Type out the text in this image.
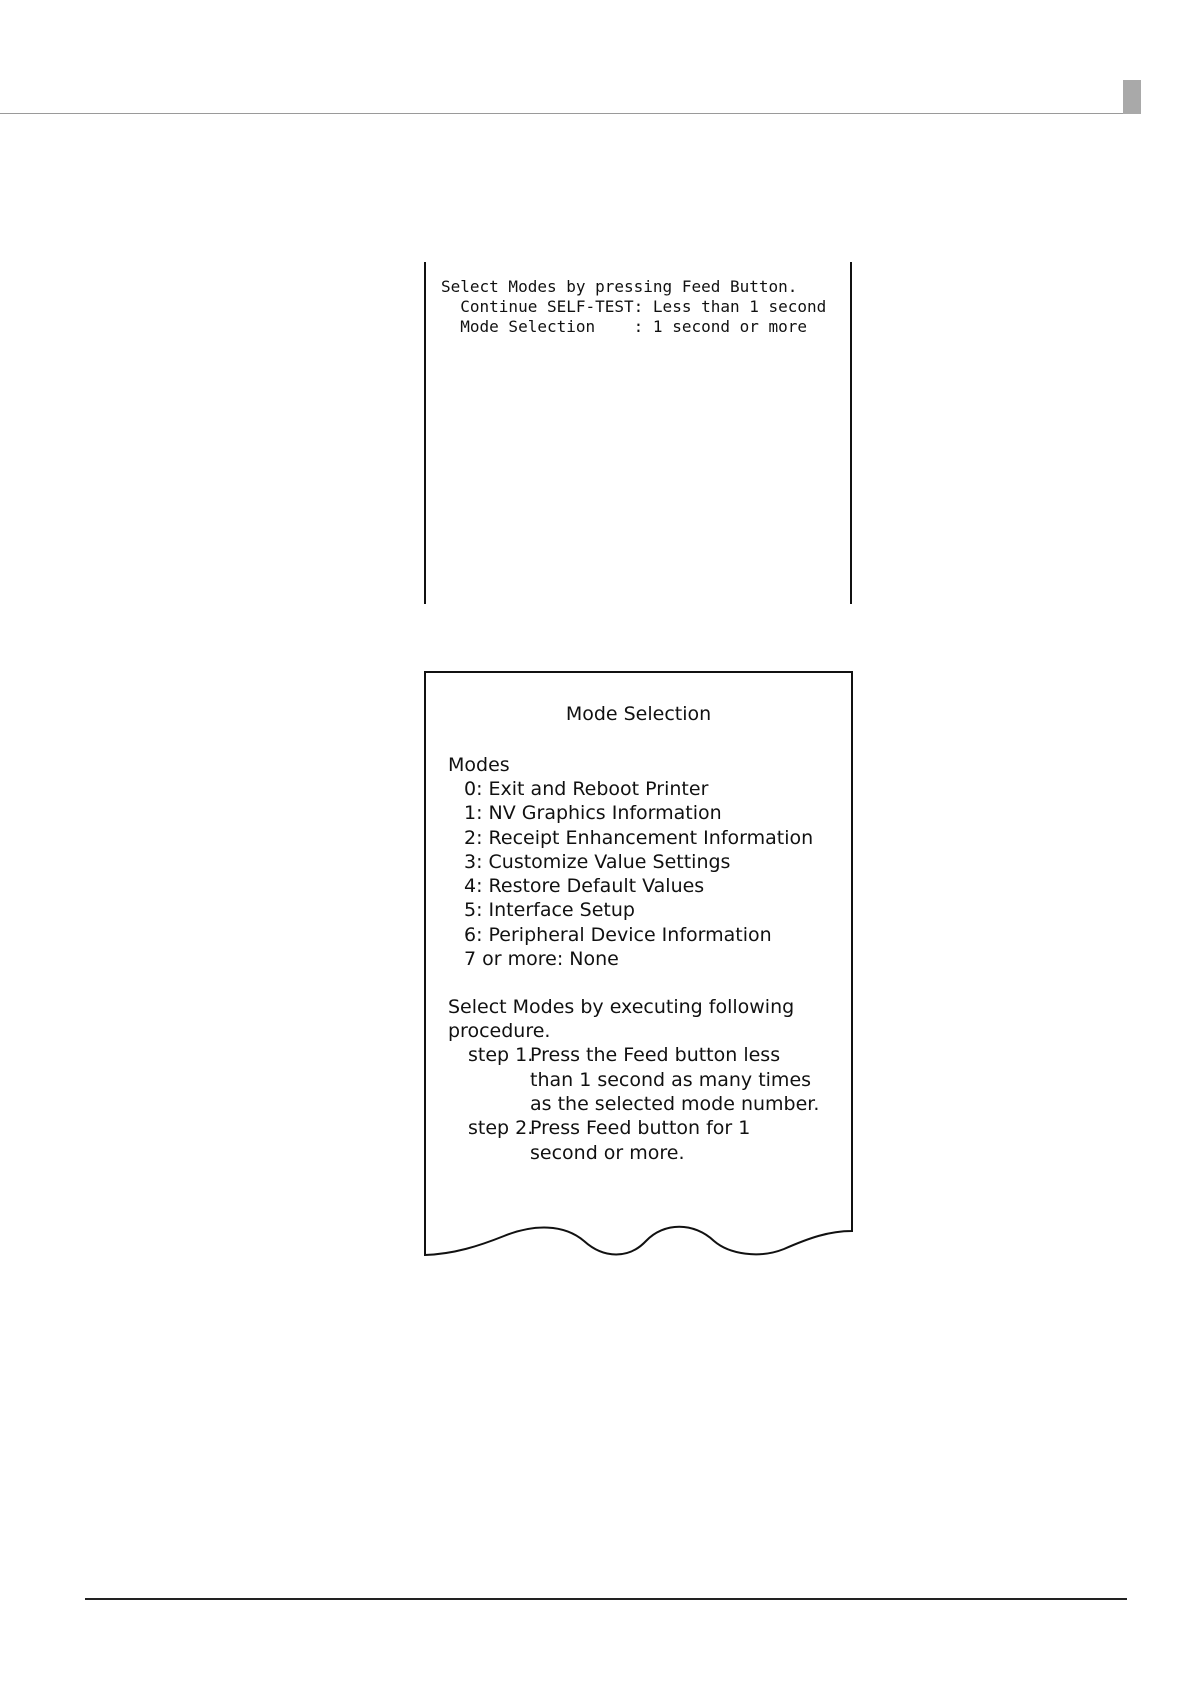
Select Modes by pressing Feed Button.
Continue SELF-TEST: Less than 1 second
Mode Selection    : 1 second or more
Mode Selection
Modes
0: Exit and Reboot Printer
1: NV Graphics Information
2: Receipt Enhancement Information
3: Customize Value Settings
4: Restore Default Values
5: Interface Setup
6: Peripheral Device Information
7 or more: None
Select Modes by executing following
procedure.
step 1.
Press the Feed button less
than 1 second as many times
as the selected mode number.
step 2.
Press Feed button for 1
second or more.
